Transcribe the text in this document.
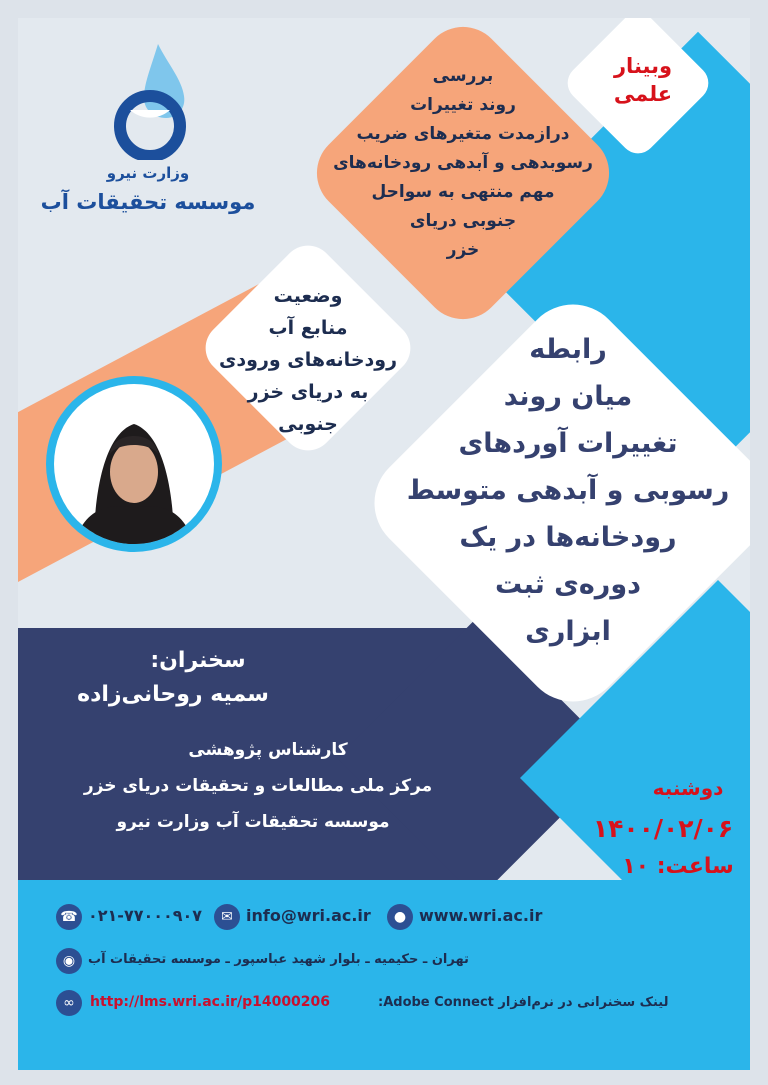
وزارت نیرو
موسسه تحقیقات آب
وبینار
علمی
بررسی
روند تغییرات
درازمدت متغیرهای ضریب
رسوبدهی و آبدهی رودخانه‌های
مهم منتهی به سواحل
جنوبی دریای
خزر
وضعیت
منابع آب
رودخانه‌های ورودی
به دریای خزر
جنوبی
رابطه
میان روند
تغییرات آوردهای
رسوبی و آبدهی متوسط
رودخانه‌ها در یک
دوره‌ی ثبت
ابزاری
سخنران:
سمیه روحانی‌زاده
کارشناس پژوهشی
مرکز ملی مطالعات و تحقیقات دریای خزر
موسسه تحقیقات آب وزارت نیرو
دوشنبه
۱۴۰۰/۰۲/۰۶
ساعت: ۱۰
● www.wri.ac.ir
✉ info@wri.ac.ir
☎ ۰۲۱-۷۷۰۰۰۹۰۷
◉ تهران ـ حکیمیه ـ بلوار شهید عباسپور ـ موسسه تحقیقات آب
∞	http://lms.wri.ac.ir/p14000206	لینک سخنرانی در نرم‌افزار Adobe Connect:
